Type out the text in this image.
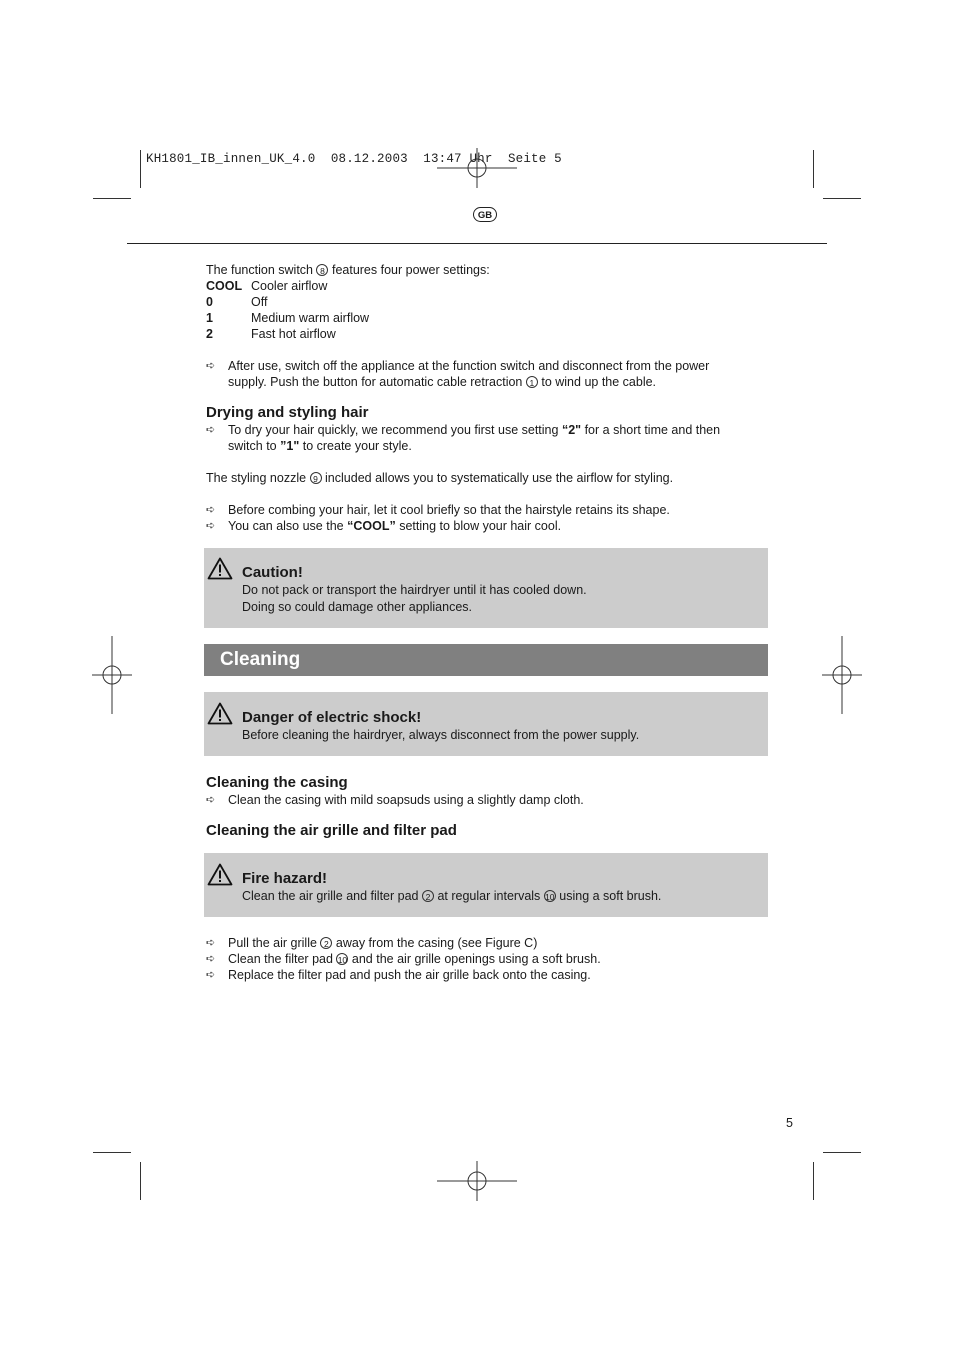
KH1801_IB_innen_UK_4.0  08.12.2003  13:47 Uhr  Seite 5
GB

The function switch 8 features four power settings:

COOL Cooler airflow
0	Off
1	Medium warm airflow
2	Fast hot airflow
➪	After use, switch off the appliance at the function switch and disconnect from the power
supply. Push the button for automatic cable retraction 1 to wind up the cable.
Drying and styling hair
➪	To dry your hair quickly, we recommend you first use setting “2" for a short time and then
switch to ”1" to create your style.

The styling nozzle 9 included allows you to systematically use the airflow for styling.

➪	Before combing your hair, let it cool briefly so that the hairstyle retains its shape.
➪	You can also use the “COOL” setting to blow your hair cool.
Caution!
Do not pack or transport the hairdryer until it has cooled down.
Doing so could damage other appliances.
Cleaning
Danger of electric shock!
Before cleaning the hairdryer, always disconnect from the power supply.
Cleaning the casing
➪	Clean the casing with mild soapsuds using a slightly damp cloth.
Cleaning the air grille and filter pad
Fire hazard!
Clean the air grille and filter pad 2 at regular intervals 10 using a soft brush.
➪	Pull the air grille 2 away from the casing (see Figure C)
➪	Clean the filter pad 10 and the air grille openings using a soft brush.
➪	Replace the filter pad and push the air grille back onto the casing.
5
